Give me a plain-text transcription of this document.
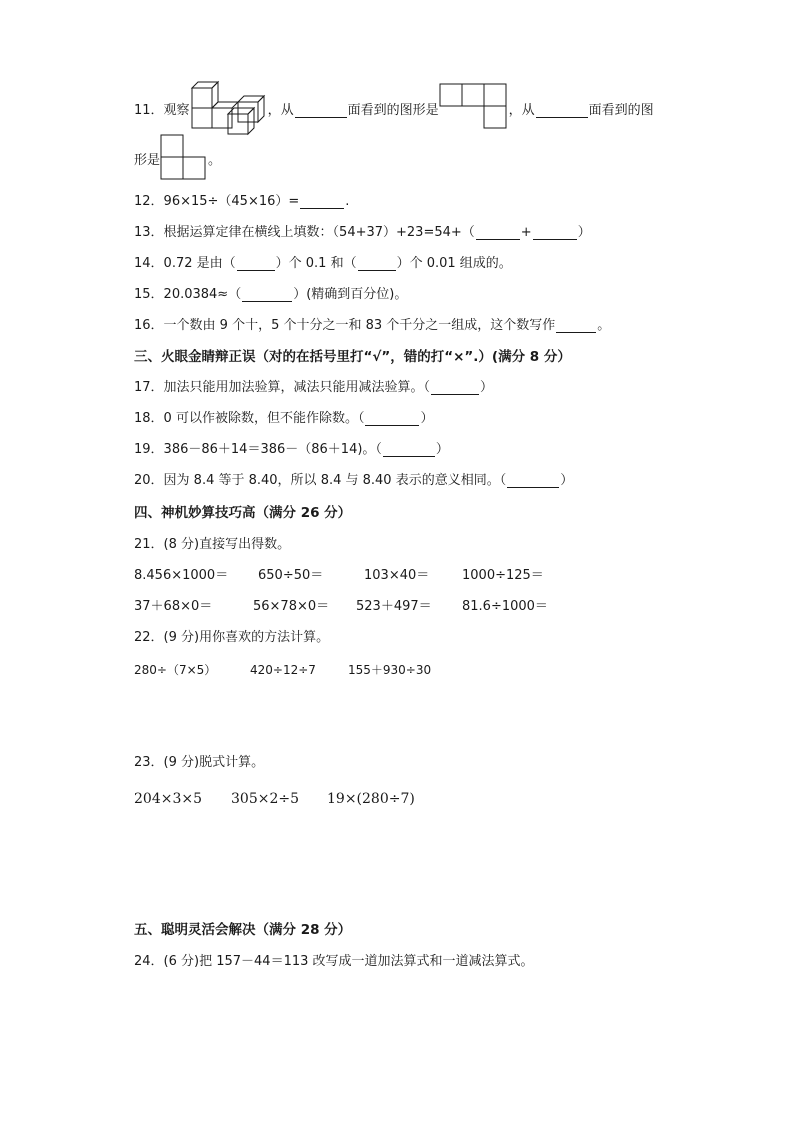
11．观察	，从	面看到的图形是	，从	面看到的图
形是	。
12．96×15÷（45×16）=	.
13．根据运算定律在横线上填数：（54+37）+23=54+（	+	）
14．0.72 是由（	）个 0.1 和（	）个 0.01 组成的。
15．20.0384≈（	）(精确到百分位)。
16．一个数由 9 个十，5 个十分之一和 83 个千分之一组成，这个数写作	。
三、火眼金睛辩正误（对的在括号里打“√”，错的打“×”.）(满分 8 分）
17．加法只能用加法验算，减法只能用减法验算。（	）
18．0 可以作被除数，但不能作除数。（	）
19．386－86＋14＝386－（86＋14)。（	）
20．因为 8.4 等于 8.40，所以 8.4 与 8.40 表示的意义相同。（	）
四、神机妙算技巧高（满分 26 分）
21．(8 分)直接写出得数。
8.456×1000＝ 650÷50＝	103×40＝	1000÷125＝
37＋68×0＝	56×78×0＝ 523＋497＝ 81.6÷1000＝
22．(9 分)用你喜欢的方法计算。
280÷（7×5）	420÷12÷7	155＋930÷30
23．(9 分)脱式计算。
204×3×5 305×2÷5 19×(280÷7)
五、聪明灵活会解决（满分 28 分）
24．(6 分)把 157－44＝113 改写成一道加法算式和一道减法算式。
